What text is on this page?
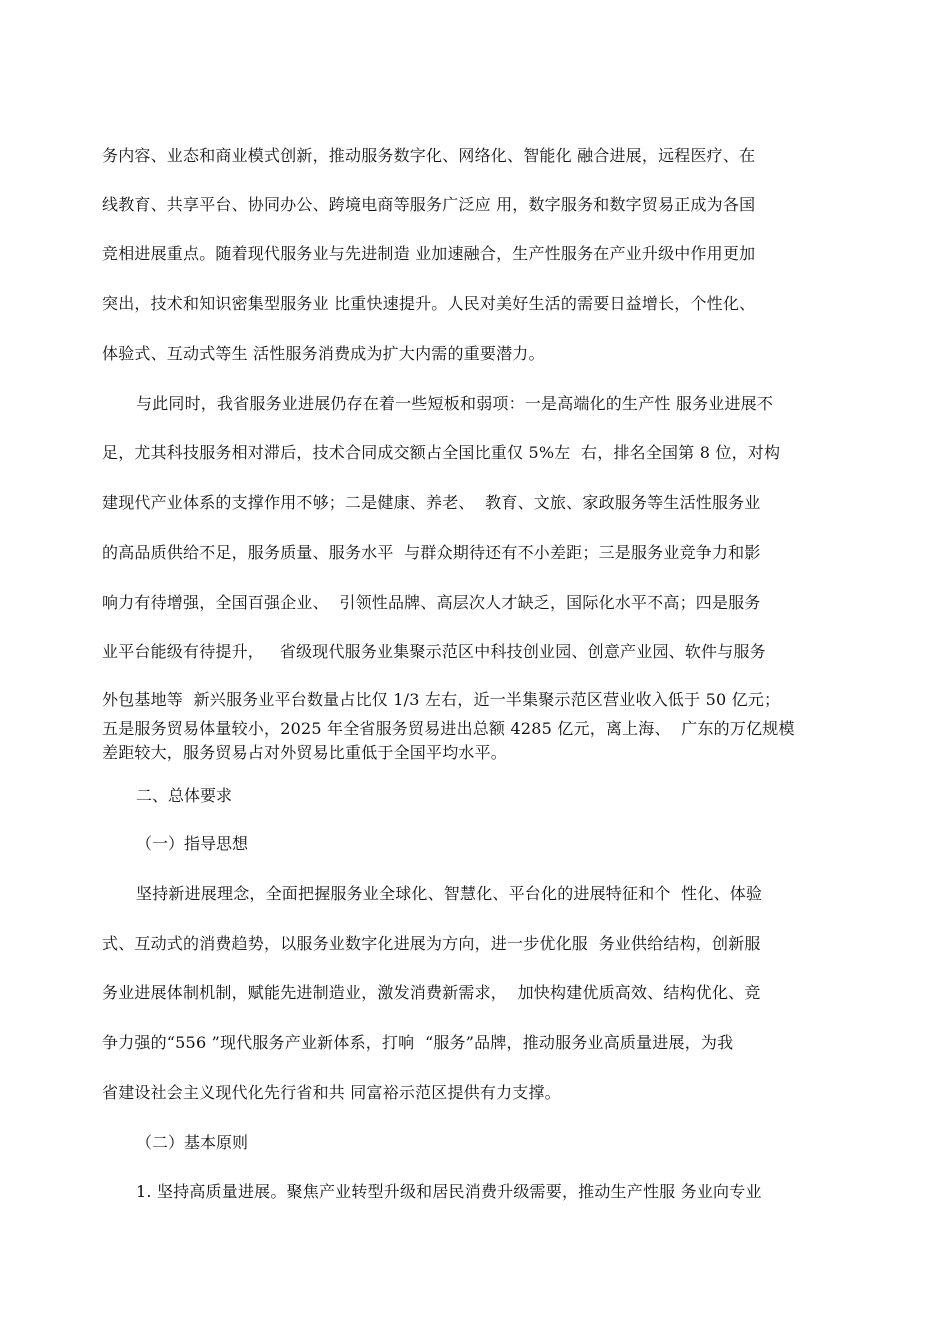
务内容、业态和商业模式创新，推动服务数字化、网络化、智能化 融合进展，远程医疗、在
线教育、共享平台、协同办公、跨境电商等服务广泛应 用，数字服务和数字贸易正成为各国
竞相进展重点。随着现代服务业与先进制造 业加速融合，生产性服务在产业升级中作用更加
突出，技术和知识密集型服务业 比重快速提升。人民对美好生活的需要日益增长，个性化、
体验式、互动式等生 活性服务消费成为扩大内需的重要潜力。
与此同时，我省服务业进展仍存在着一些短板和弱项：一是高端化的生产性 服务业进展不
足，尤其科技服务相对滞后，技术合同成交额占全国比重仅 5%左  右，排名全国第 8 位，对构
建现代产业体系的支撑作用不够；二是健康、养老、  教育、文旅、家政服务等生活性服务业
的高品质供给不足，服务质量、服务水平  与群众期待还有不小差距；三是服务业竞争力和影
响力有待增强，全国百强企业、  引领性品牌、高层次人才缺乏，国际化水平不高；四是服务
业平台能级有待提升，   省级现代服务业集聚示范区中科技创业园、创意产业园、软件与服务
外包基地等  新兴服务业平台数量占比仅 1/3 左右，近一半集聚示范区营业收入低于 50 亿元；
五是服务贸易体量较小，2025 年全省服务贸易进出总额 4285 亿元，离上海、  广东的万亿规模
差距较大，服务贸易占对外贸易比重低于全国平均水平。
二、总体要求
（一）指导思想
坚持新进展理念，全面把握服务业全球化、智慧化、平台化的进展特征和个  性化、体验
式、互动式的消费趋势，以服务业数字化进展为方向，进一步优化服  务业供给结构，创新服
务业进展体制机制，赋能先进制造业，激发消费新需求，  加快构建优质高效、结构优化、竞
争力强的“556 ”现代服务产业新体系，打响  “服务”品牌，推动服务业高质量进展，为我
省建设社会主义现代化先行省和共 同富裕示范区提供有力支撑。
（二）基本原则
1. 坚持高质量进展。聚焦产业转型升级和居民消费升级需要，推动生产性服 务业向专业
